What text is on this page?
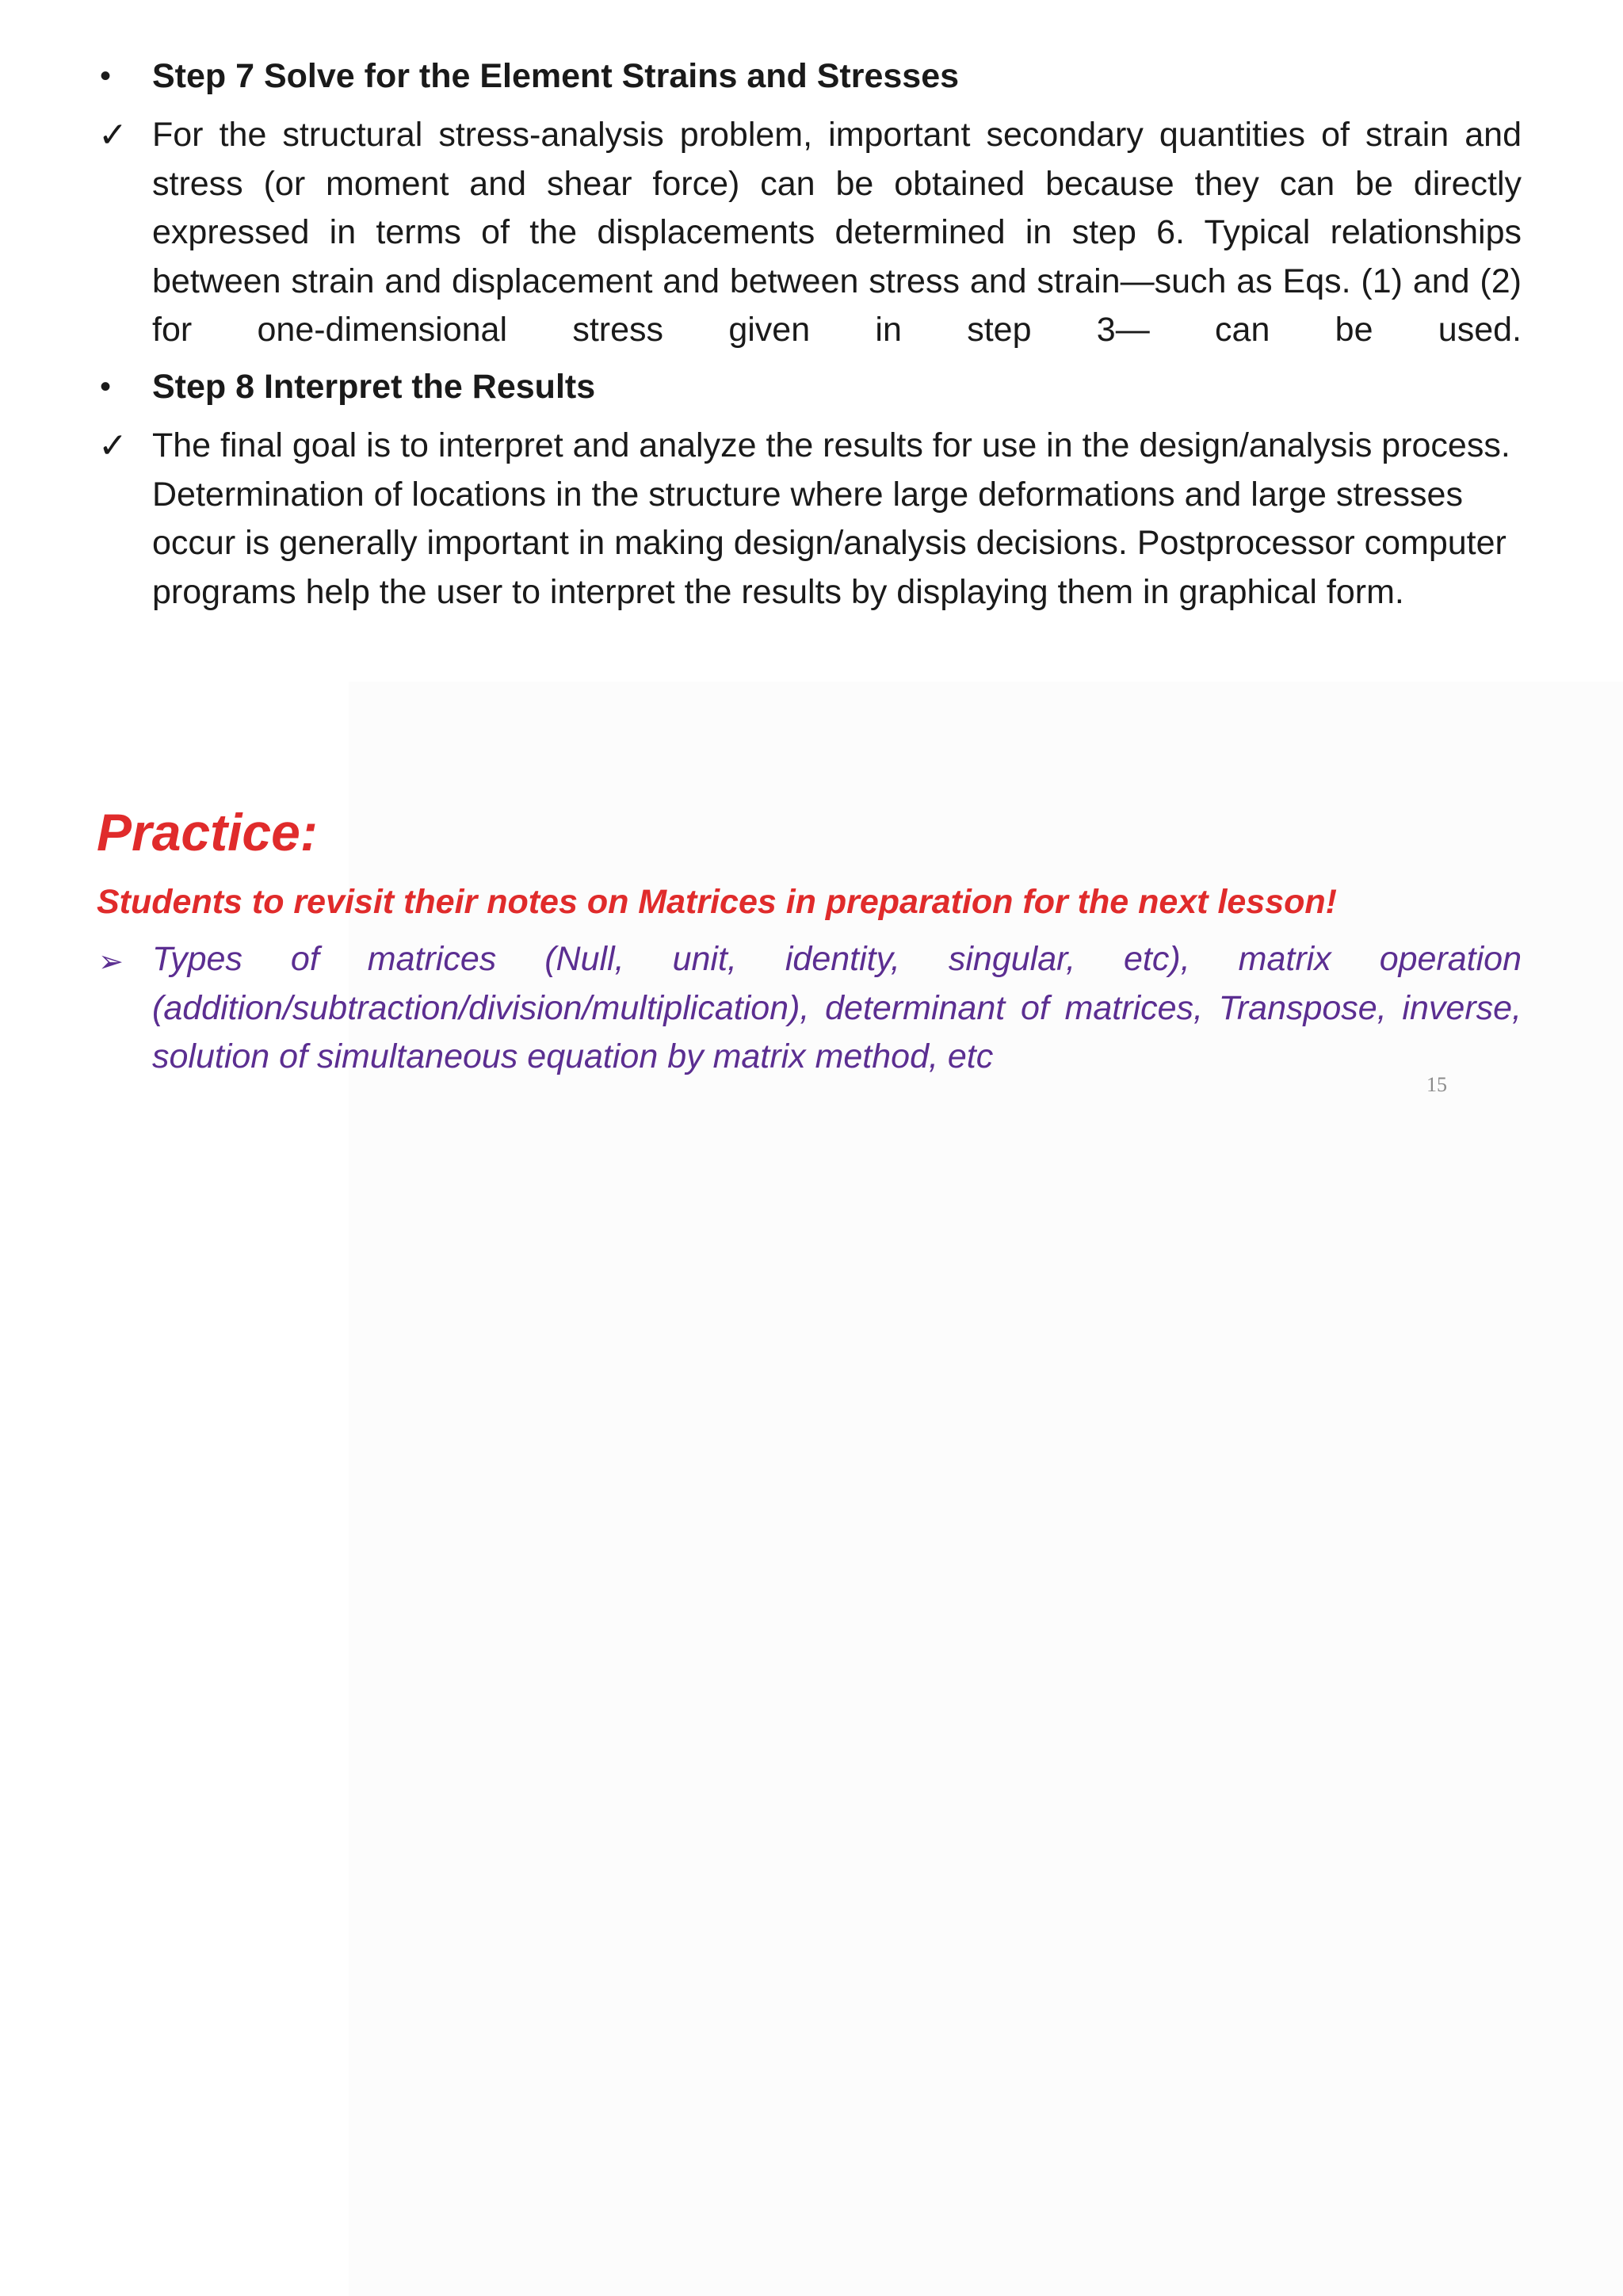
•	Step 7 Solve for the Element Strains and Stresses
✓ For the structural stress-analysis problem, important secondary quantities of strain and stress (or moment and shear force) can be obtained because they can be directly expressed in terms of the displacements determined in step 6. Typical relationships between strain and displacement and between stress and strain—such as Eqs. (1) and (2) for one-dimensional stress given in step 3— can be used.
•	Step 8 Interpret the Results
✓ The final goal is to interpret and analyze the results for use in the design/analysis process. Determination of locations in the structure where large deformations and large stresses occur is generally important in making design/analysis decisions. Postprocessor computer programs help the user to interpret the results by displaying them in graphical form.
Practice:
Students to revisit their notes on Matrices in preparation for the next lesson!
➢ Types of matrices (Null, unit, identity, singular, etc), matrix operation (addition/subtraction/division/multiplication), determinant of matrices, Transpose, inverse, solution of simultaneous equation by matrix method, etc
15
